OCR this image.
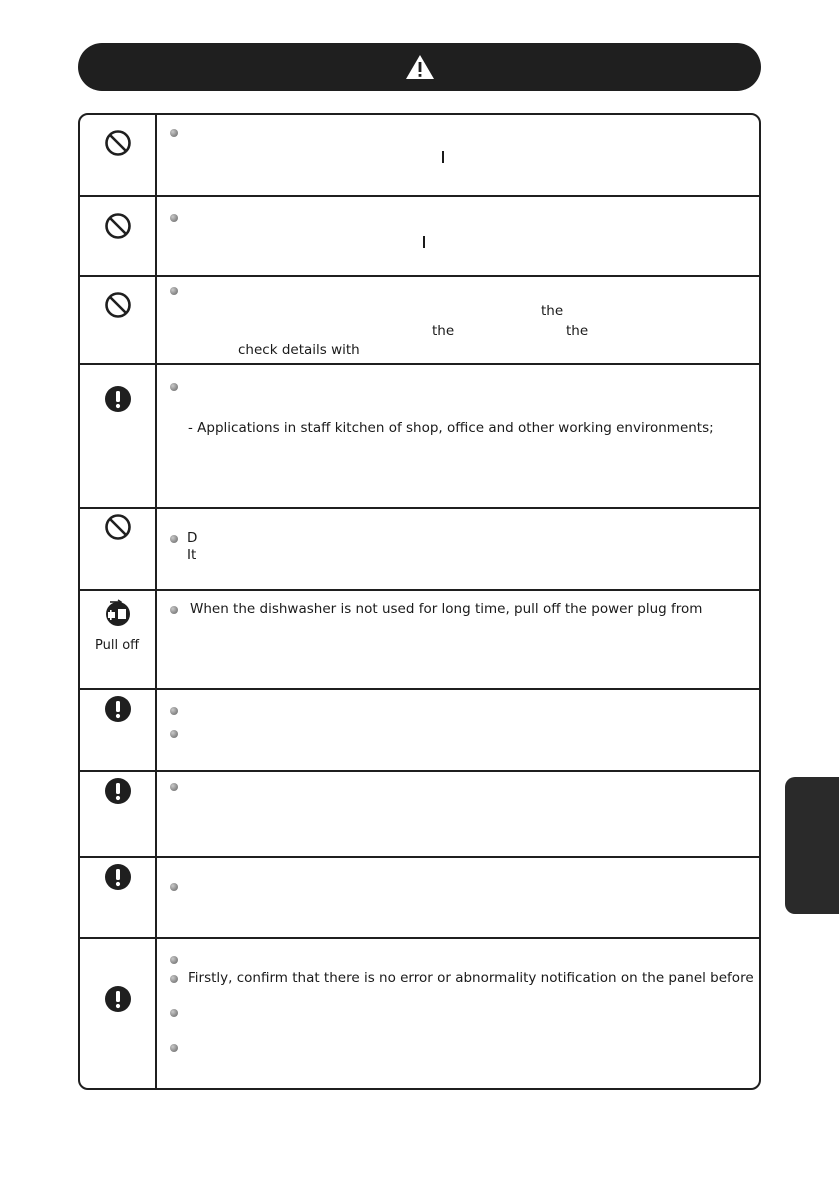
the
the	the
check details with
- Applications in staff kitchen of shop, office and other working environments;
D
It
Pull off
When the dishwasher is not used for long time, pull off the power plug from
Firstly, confirm that there is no error or abnormality notification on the panel before
